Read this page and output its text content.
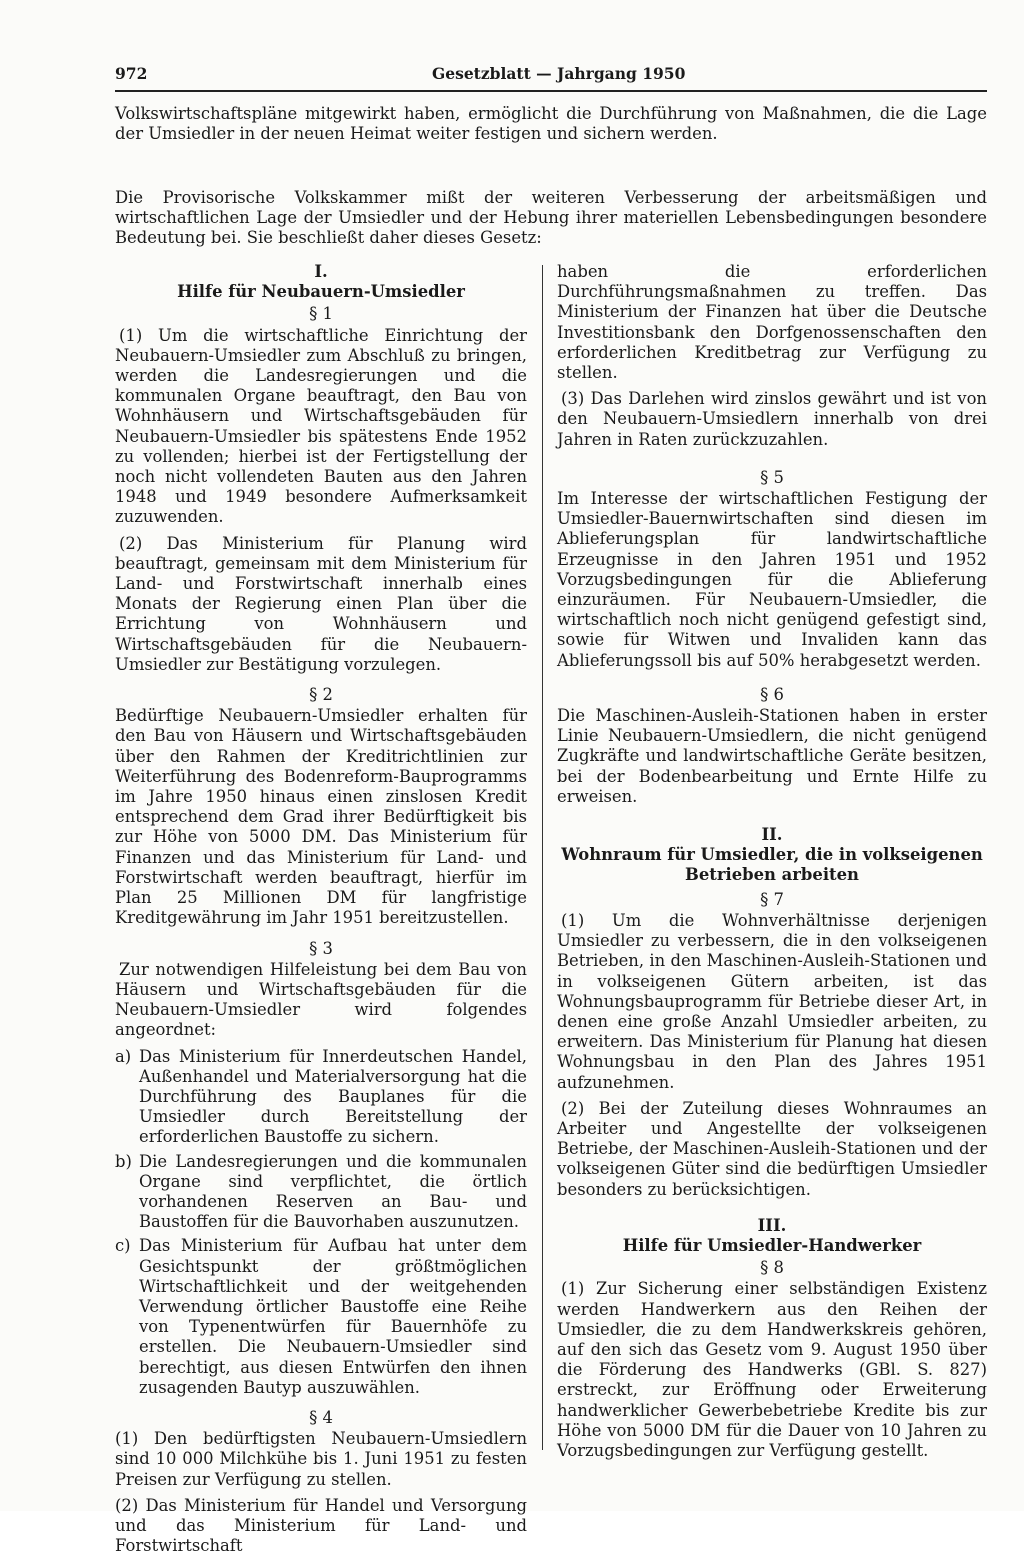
972	Gesetzblatt — Jahrgang 1950
Volkswirtschaftspläne mitgewirkt haben, ermöglicht die Durchführung von Maßnahmen, die die Lage der Umsiedler in der neuen Heimat weiter festigen und sichern werden.
Die Provisorische Volkskammer mißt der weiteren Verbesserung der arbeitsmäßigen und wirtschaftlichen Lage der Umsiedler und der Hebung ihrer materiellen Lebensbedingungen besondere Bedeutung bei. Sie beschließt daher dieses Gesetz:
I.
Hilfe für Neubauern-Umsiedler
§ 1

(1) Um die wirtschaftliche Einrichtung der Neubauern-Umsiedler zum Abschluß zu bringen, werden die Landesregierungen und die kommunalen Organe beauftragt, den Bau von Wohnhäusern und Wirtschaftsgebäuden für Neubauern-Umsiedler bis spätestens Ende 1952 zu vollenden; hierbei ist der Fertigstellung der noch nicht vollendeten Bauten aus den Jahren 1948 und 1949 besondere Aufmerksamkeit zuzuwenden.

(2) Das Ministerium für Planung wird beauftragt, gemeinsam mit dem Ministerium für Land- und Forstwirtschaft innerhalb eines Monats der Regierung einen Plan über die Errichtung von Wohnhäusern und Wirtschaftsgebäuden für die Neubauern-Umsiedler zur Bestätigung vorzulegen.

§ 2

Bedürftige Neubauern-Umsiedler erhalten für den Bau von Häusern und Wirtschaftsgebäuden über den Rahmen der Kreditrichtlinien zur Weiterführung des Bodenreform-Bauprogramms im Jahre 1950 hinaus einen zinslosen Kredit entsprechend dem Grad ihrer Bedürftigkeit bis zur Höhe von 5000 DM. Das Ministerium für Finanzen und das Ministerium für Land- und Forstwirtschaft werden beauftragt, hierfür im Plan 25 Millionen DM für langfristige Kreditgewährung im Jahr 1951 bereitzustellen.

§ 3

Zur notwendigen Hilfeleistung bei dem Bau von Häusern und Wirtschaftsgebäuden für die Neubauern-Umsiedler wird folgendes angeordnet:

a) Das Ministerium für Innerdeutschen Handel, Außenhandel und Materialversorgung hat die Durchführung des Bauplanes für die Umsiedler durch Bereitstellung der erforderlichen Baustoffe zu sichern.
b) Die Landesregierungen und die kommunalen Organe sind verpflichtet, die örtlich vorhandenen Reserven an Bau- und Baustoffen für die Bauvorhaben auszunutzen.
c) Das Ministerium für Aufbau hat unter dem Gesichtspunkt der größtmöglichen Wirtschaftlichkeit und der weitgehenden Verwendung örtlicher Baustoffe eine Reihe von Typenentwürfen für Bauernhöfe zu erstellen. Die Neubauern-Umsiedler sind berechtigt, aus diesen Entwürfen den ihnen zusagenden Bautyp auszuwählen.
§ 4

(1) Den bedürftigsten Neubauern-Umsiedlern sind 10 000 Milchkühe bis 1. Juni 1951 zu festen Preisen zur Verfügung zu stellen.

(2) Das Ministerium für Handel und Versorgung und das Ministerium für Land- und Forstwirtschaft

haben die erforderlichen Durchführungsmaßnahmen zu treffen. Das Ministerium der Finanzen hat über die Deutsche Investitionsbank den Dorfgenossenschaften den erforderlichen Kreditbetrag zur Verfügung zu stellen.

(3) Das Darlehen wird zinslos gewährt und ist von den Neubauern-Umsiedlern innerhalb von drei Jahren in Raten zurückzuzahlen.

§ 5

Im Interesse der wirtschaftlichen Festigung der Umsiedler-Bauernwirtschaften sind diesen im Ablieferungsplan für landwirtschaftliche Erzeugnisse in den Jahren 1951 und 1952 Vorzugsbedingungen für die Ablieferung einzuräumen. Für Neubauern-Umsiedler, die wirtschaftlich noch nicht genügend gefestigt sind, sowie für Witwen und Invaliden kann das Ablieferungssoll bis auf 50% herabgesetzt werden.

§ 6

Die Maschinen-Ausleih-Stationen haben in erster Linie Neubauern-Umsiedlern, die nicht genügend Zugkräfte und landwirtschaftliche Geräte besitzen, bei der Bodenbearbeitung und Ernte Hilfe zu erweisen.

II.
Wohnraum für Umsiedler, die in volkseigenen Betrieben arbeiten
§ 7

(1) Um die Wohnverhältnisse derjenigen Umsiedler zu verbessern, die in den volkseigenen Betrieben, in den Maschinen-Ausleih-Stationen und in volkseigenen Gütern arbeiten, ist das Wohnungsbauprogramm für Betriebe dieser Art, in denen eine große Anzahl Umsiedler arbeiten, zu erweitern. Das Ministerium für Planung hat diesen Wohnungsbau in den Plan des Jahres 1951 aufzunehmen.

(2) Bei der Zuteilung dieses Wohnraumes an Arbeiter und Angestellte der volkseigenen Betriebe, der Maschinen-Ausleih-Stationen und der volkseigenen Güter sind die bedürftigen Umsiedler besonders zu berücksichtigen.

III.
Hilfe für Umsiedler-Handwerker
§ 8

(1) Zur Sicherung einer selbständigen Existenz werden Handwerkern aus den Reihen der Umsiedler, die zu dem Handwerkskreis gehören, auf den sich das Gesetz vom 9. August 1950 über die Förderung des Handwerks (GBl. S. 827) erstreckt, zur Eröffnung oder Erweiterung handwerklicher Gewerbebetriebe Kredite bis zur Höhe von 5000 DM für die Dauer von 10 Jahren zu Vorzugsbedingungen zur Verfügung gestellt.
